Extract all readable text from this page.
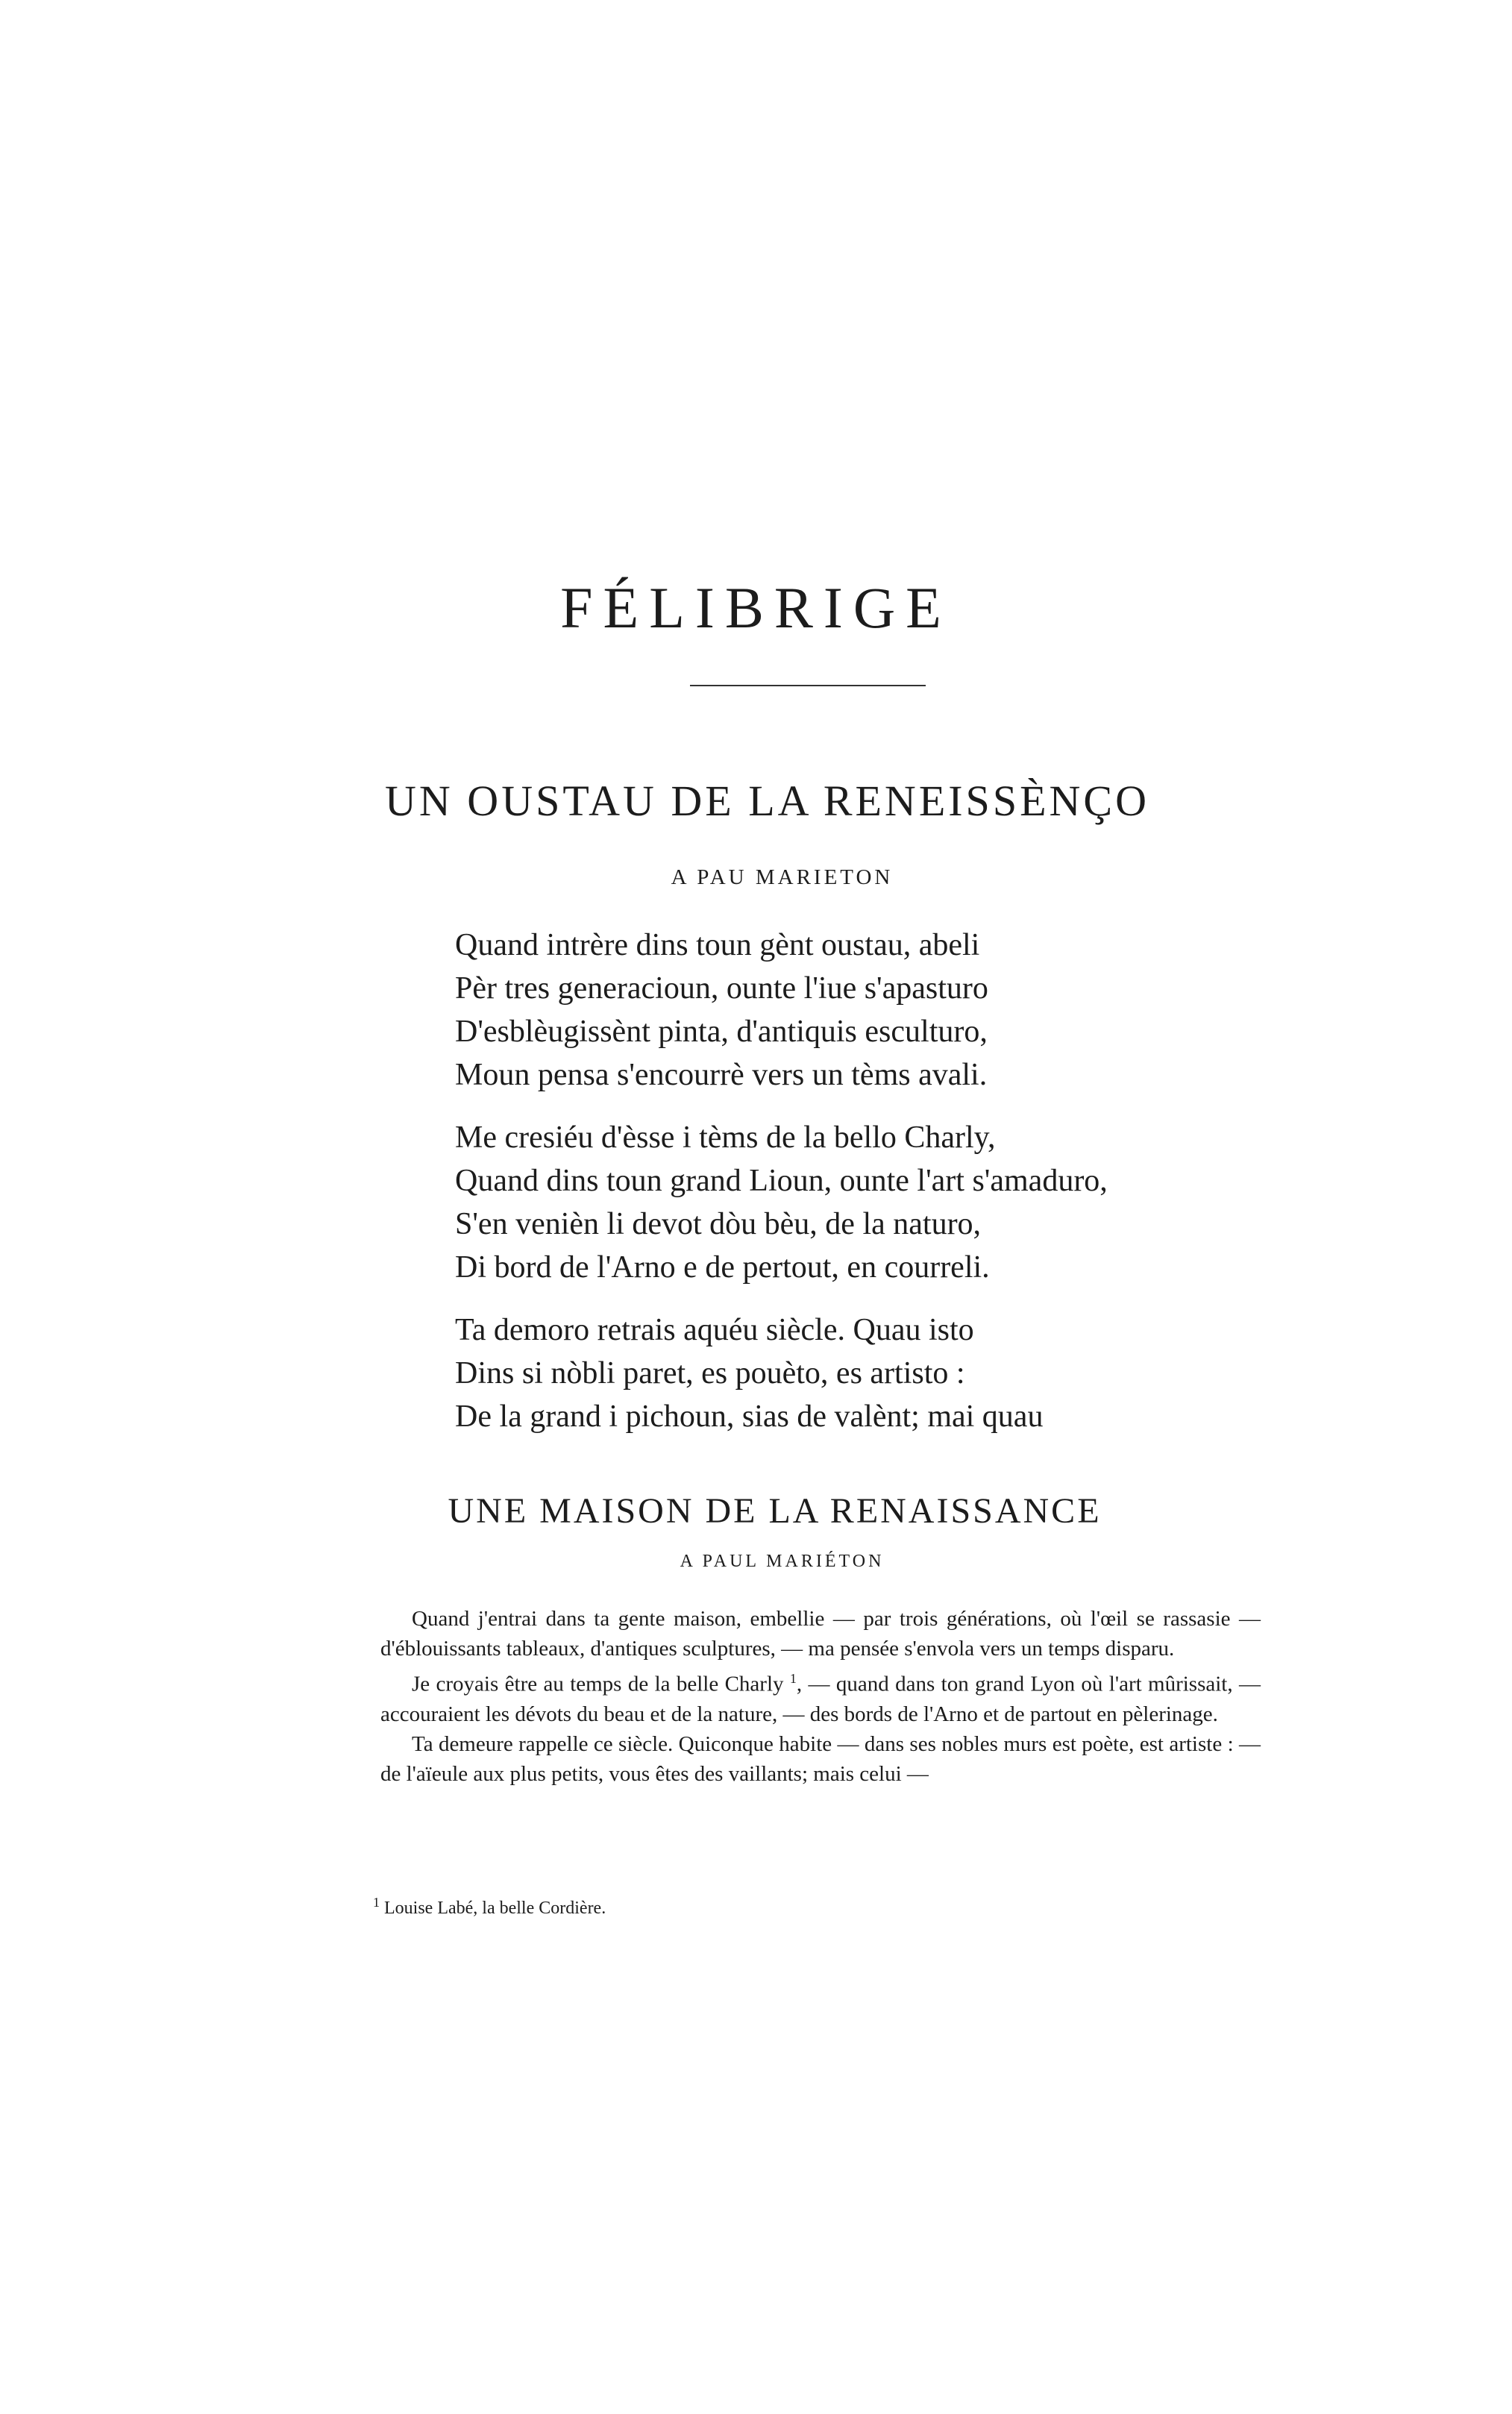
FÉLIBRIGE
UN OUSTAU DE LA RENEISSÈNÇO
A PAU MARIETON
Quand intrère dins toun gènt oustau, abeli
Pèr tres generacioun, ounte l'iue s'apasturo
D'esblèugissènt pinta, d'antiquis esculturo,
Moun pensa s'encourrè vers un tèms avali.
Me cresiéu d'èsse i tèms de la bello Charly,
Quand dins toun grand Lioun, ounte l'art s'amaduro,
S'en venièn li devot dòu bèu, de la naturo,
Di bord de l'Arno e de pertout, en courreli.
Ta demoro retrais aquéu siècle. Quau isto
Dins si nòbli paret, es pouèto, es artisto :
De la grand i pichoun, sias de valènt; mai quau
UNE MAISON DE LA RENAISSANCE
A PAUL MARIÉTON

Quand j'entrai dans ta gente maison, embellie — par trois générations, où l'œil se rassasie — d'éblouissants tableaux, d'antiques sculptures, — ma pensée s'envola vers un temps disparu.

Je croyais être au temps de la belle Charly $^1$, — quand dans ton grand Lyon où l'art mûrissait, — accouraient les dévots du beau et de la nature, — des bords de l'Arno et de partout en pèlerinage.

Ta demeure rappelle ce siècle. Quiconque habite — dans ses nobles murs est poète, est artiste : — de l'aïeule aux plus petits, vous êtes des vaillants; mais celui —

$^1$ Louise Labé, la belle Cordière.
